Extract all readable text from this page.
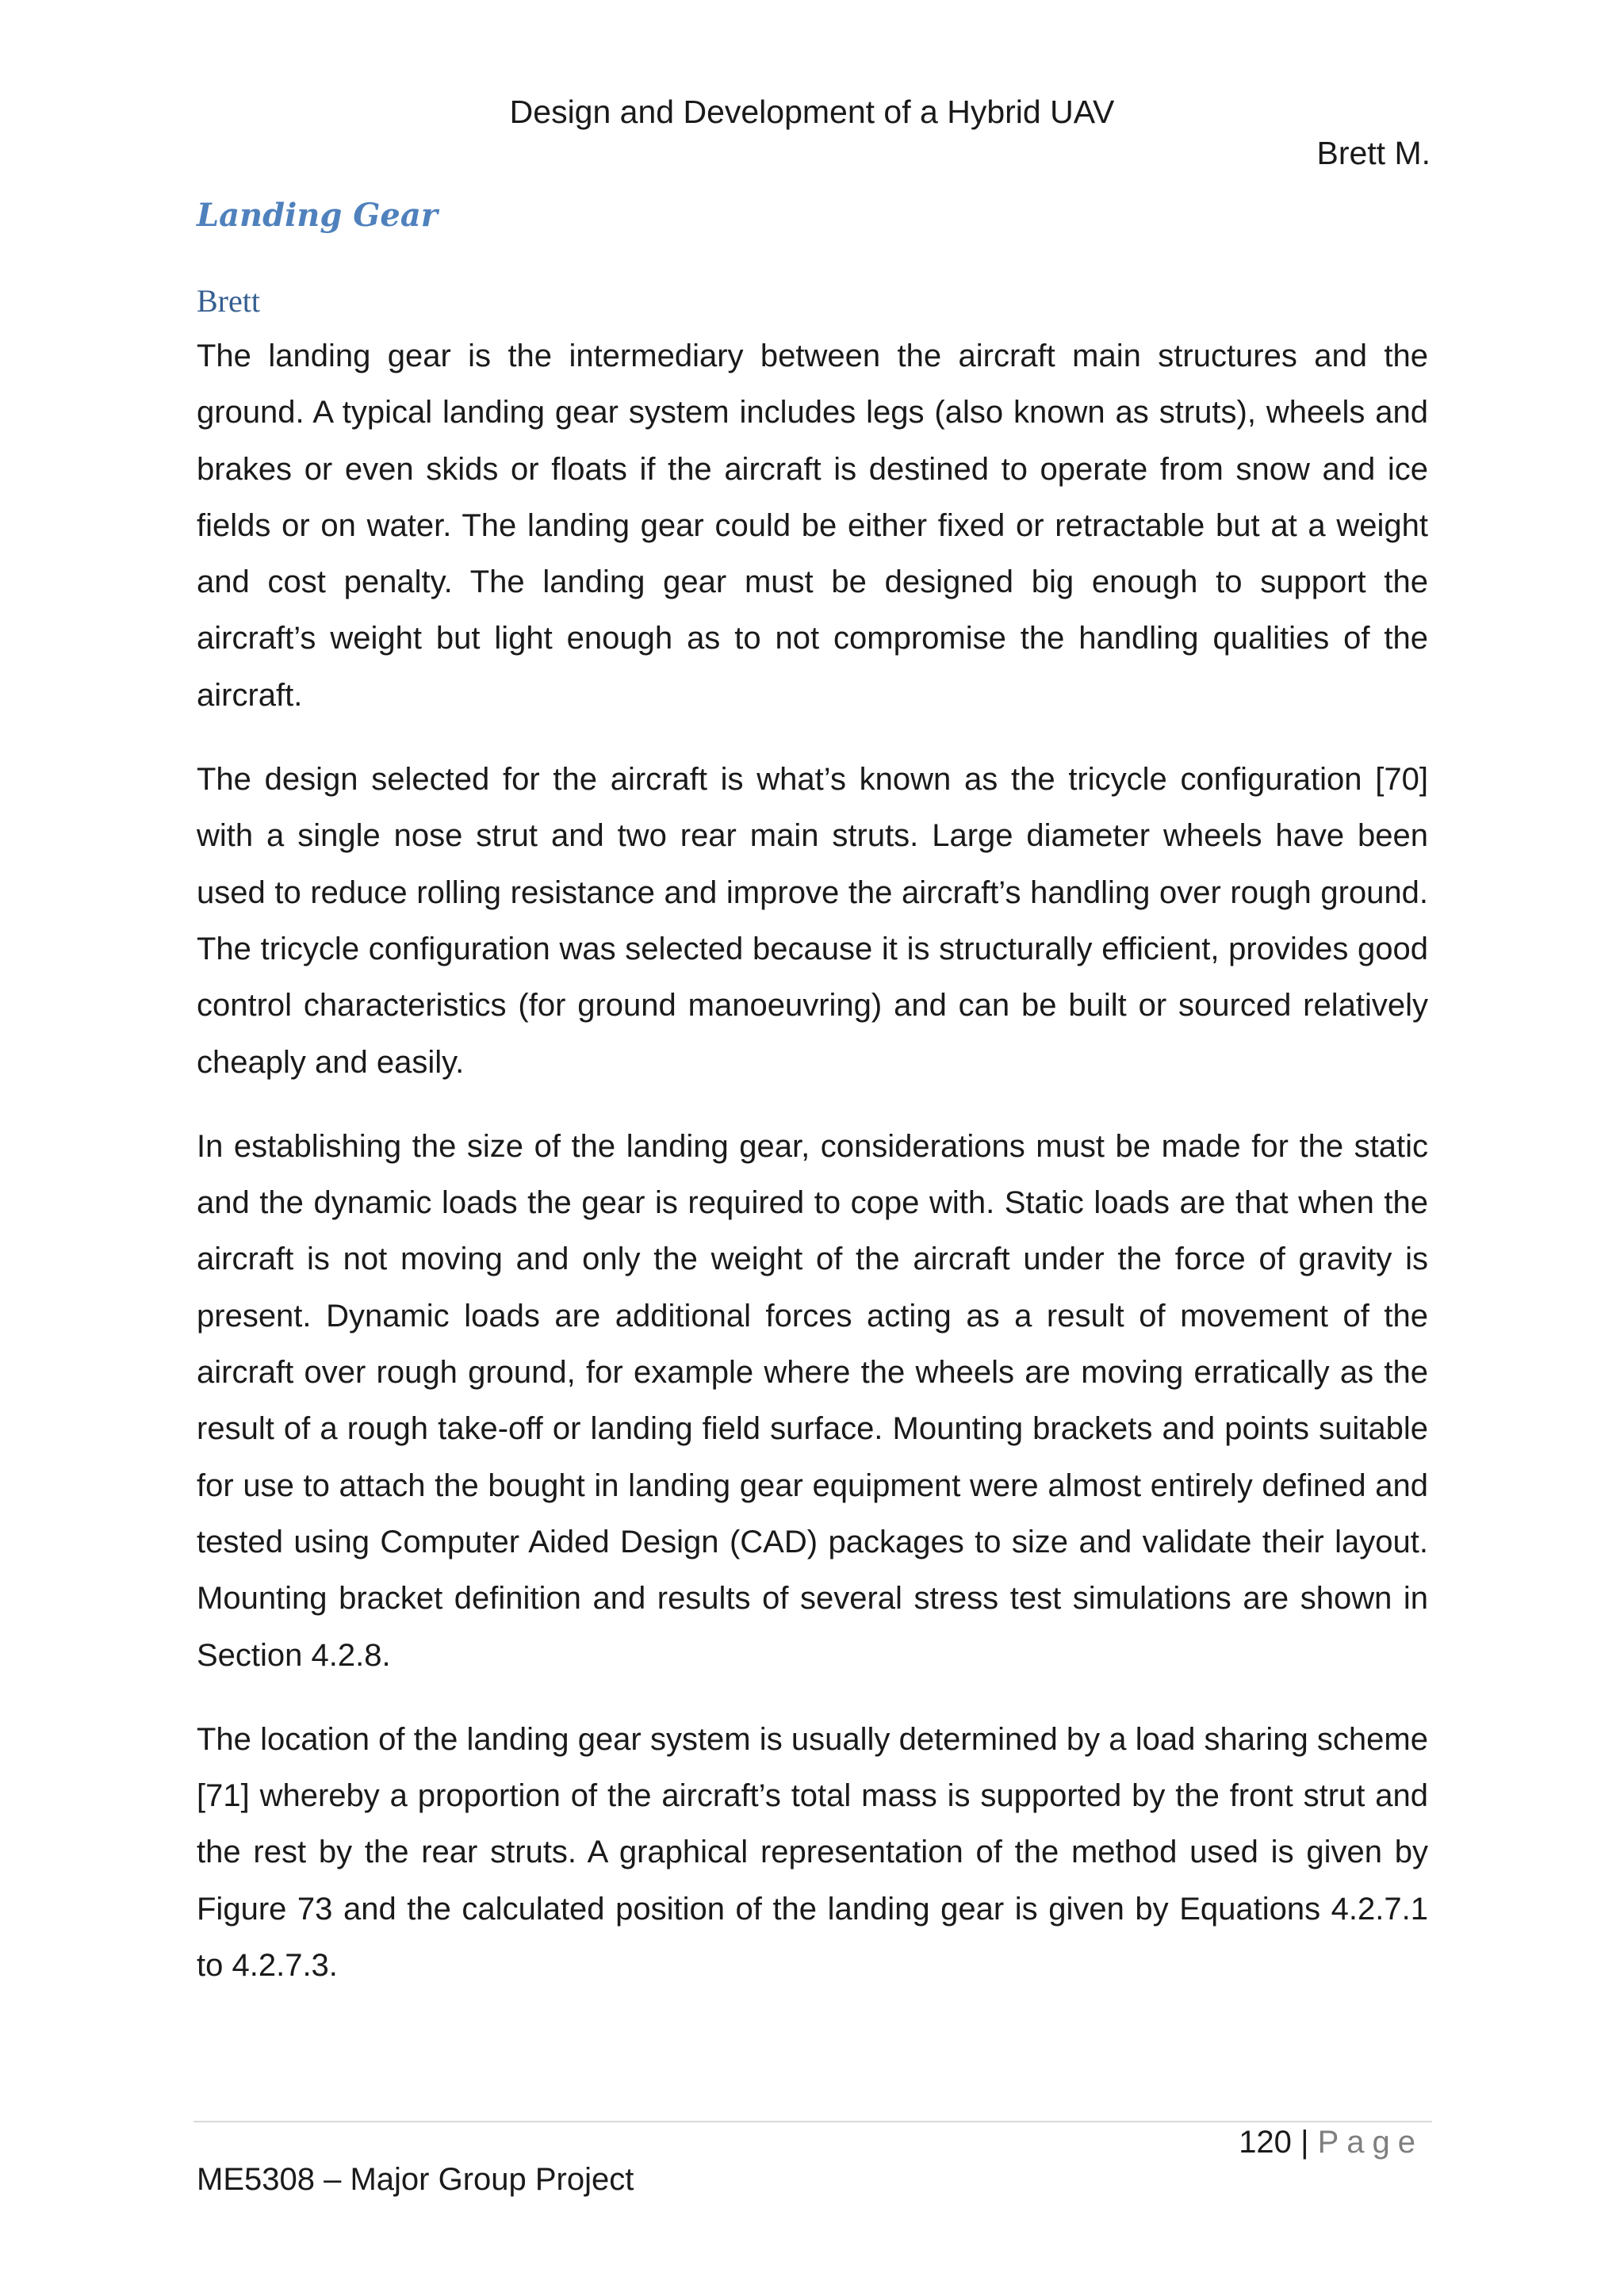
Design and Development of a Hybrid UAV
Brett M.
Landing Gear
Brett

The landing gear is the intermediary between the aircraft main structures and the ground. A typical landing gear system includes legs (also known as struts), wheels and brakes or even skids or floats if the aircraft is destined to operate from snow and ice fields or on water. The landing gear could be either fixed or retractable but at a weight and cost penalty. The landing gear must be designed big enough to support the aircraft’s weight but light enough as to not compromise the handling qualities of the aircraft.

The design selected for the aircraft is what’s known as the tricycle configuration [70] with a single nose strut and two rear main struts. Large diameter wheels have been used to reduce rolling resistance and improve the aircraft’s handling over rough ground. The tricycle configuration was selected because it is structurally efficient, provides good control characteristics (for ground manoeuvring) and can be built or sourced relatively cheaply and easily.

In establishing the size of the landing gear, considerations must be made for the static and the dynamic loads the gear is required to cope with. Static loads are that when the aircraft is not moving and only the weight of the aircraft under the force of gravity is present. Dynamic loads are additional forces acting as a result of movement of the aircraft over rough ground, for example where the wheels are moving erratically as the result of a rough take-off or landing field surface. Mounting brackets and points suitable for use to attach the bought in landing gear equipment were almost entirely defined and tested using Computer Aided Design (CAD) packages to size and validate their layout. Mounting bracket definition and results of several stress test simulations are shown in Section 4.2.8.

The location of the landing gear system is usually determined by a load sharing scheme [71] whereby a proportion of the aircraft’s total mass is supported by the front strut and the rest by the rear struts. A graphical representation of the method used is given by Figure 73 and the calculated position of the landing gear is given by Equations 4.2.7.1 to 4.2.7.3.

120 | Page
ME5308 – Major Group Project
